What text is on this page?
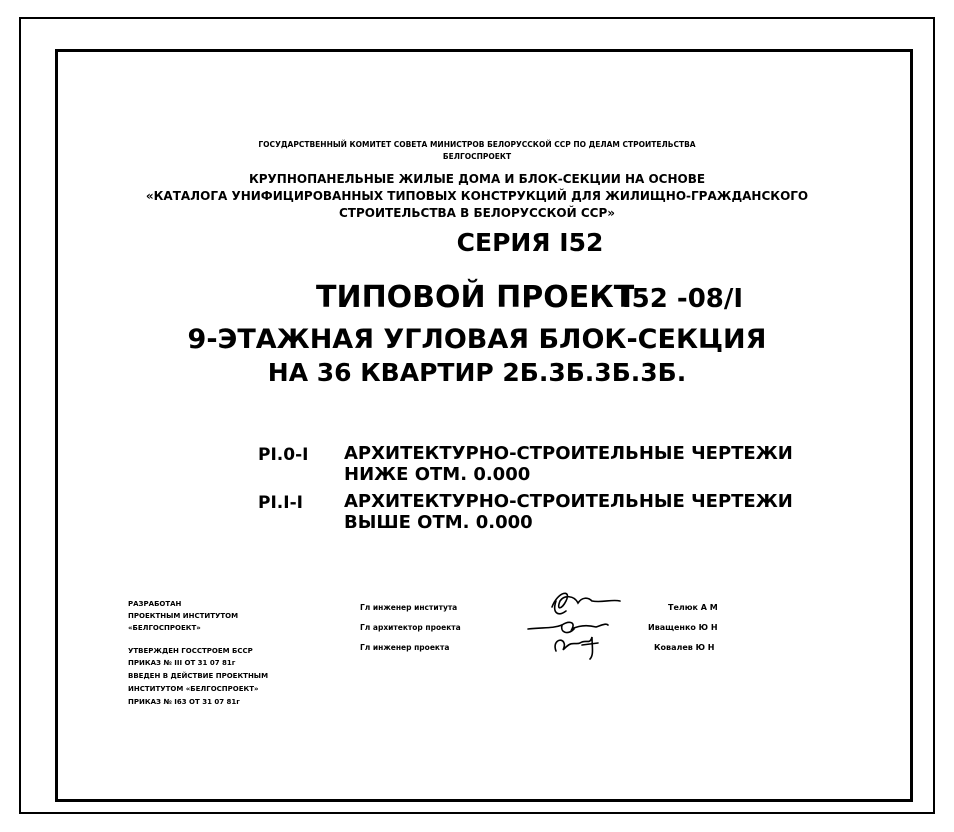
ГОСУДАРСТВЕННЫЙ КОМИТЕТ СОВЕТА МИНИСТРОВ БЕЛОРУССКОЙ ССР ПО ДЕЛАМ СТРОИТЕЛЬСТВА
БЕЛГОСПРОЕКТ
КРУПНОПАНЕЛЬНЫЕ ЖИЛЫЕ ДОМА И БЛОК-СЕКЦИИ НА ОСНОВЕ
«КАТАЛОГА УНИФИЦИРОВАННЫХ ТИПОВЫХ КОНСТРУКЦИЙ ДЛЯ ЖИЛИЩНО-ГРАЖДАНСКОГО
СТРОИТЕЛЬСТВА В БЕЛОРУССКОЙ ССР»
СЕРИЯ I52
ТИПОВОЙ ПРОЕКТ
I52 -08/I
9-ЭТАЖНАЯ УГЛОВАЯ БЛОК-СЕКЦИЯ
НА 36 КВАРТИР 2Б.3Б.3Б.3Б.
PI.0-I АРХИТЕКТУРНО-СТРОИТЕЛЬНЫЕ ЧЕРТЕЖИ
НИЖЕ ОТМ. 0.000
PI.I-I АРХИТЕКТУРНО-СТРОИТЕЛЬНЫЕ ЧЕРТЕЖИ
ВЫШЕ ОТМ. 0.000
РАЗРАБОТАН
ПРОЕКТНЫМ ИНСТИТУТОМ
«БЕЛГОСПРОЕКТ»
УТВЕРЖДЕН ГОССТРОЕМ БССР
ПРИКАЗ № III ОТ 31 07 81г
ВВЕДЕН В ДЕЙСТВИЕ ПРОЕКТНЫМ
ИНСТИТУТОМ «БЕЛГОСПРОЕКТ»
ПРИКАЗ № I63 ОТ 31 07 81г
Гл инженер института
Гл архитектор проекта
Гл инженер проекта
Телюк А М
Иващенко Ю Н
Ковалев Ю Н
